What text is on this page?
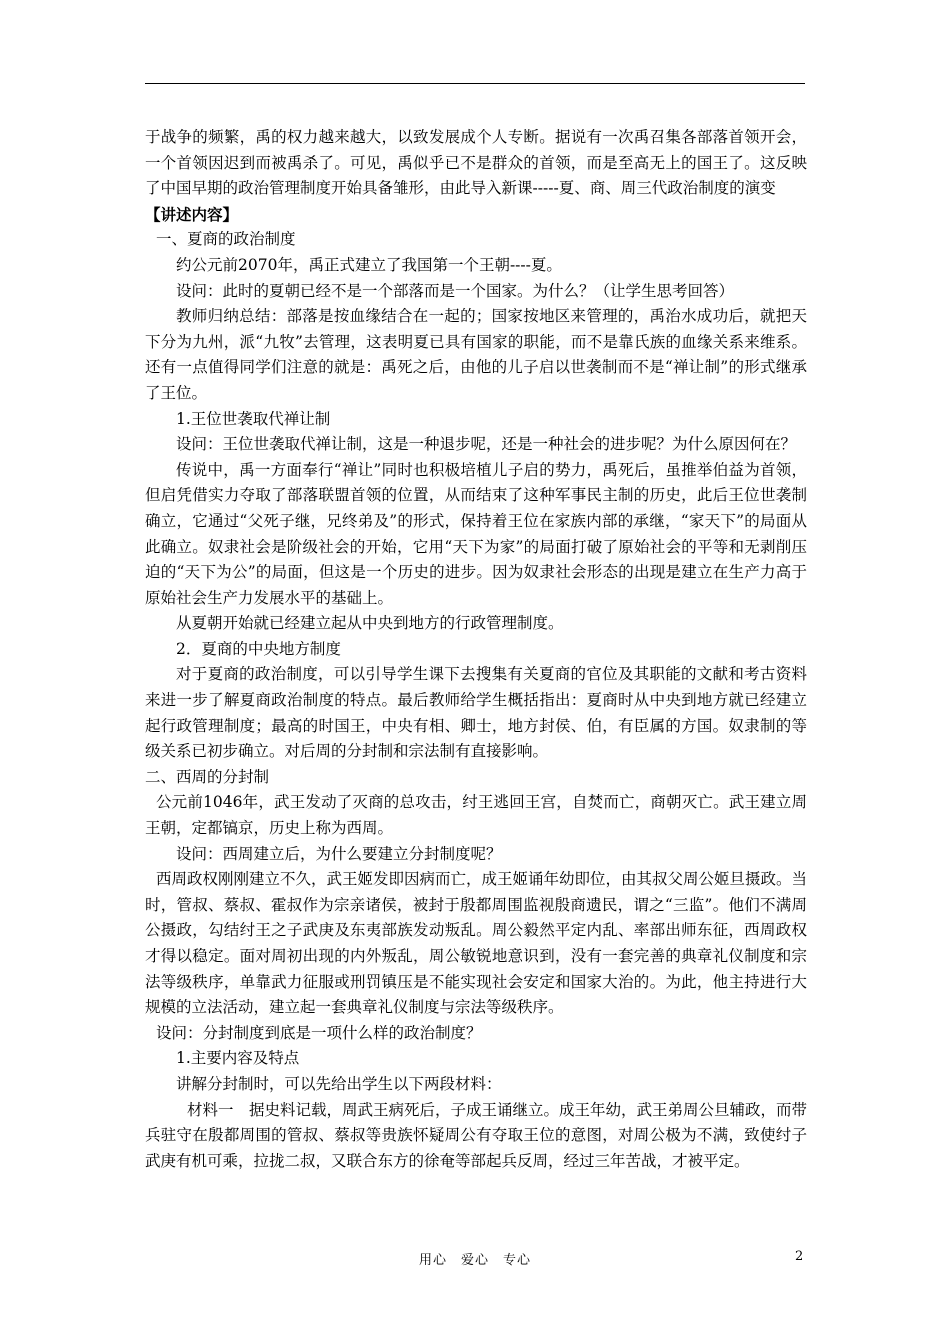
于战争的频繁，禹的权力越来越大，以致发展成个人专断。据说有一次禹召集各部落首领开会，一个首领因迟到而被禹杀了。可见，禹似乎已不是群众的首领，而是至高无上的国王了。这反映了中国早期的政治管理制度开始具备雏形，由此导入新课-----夏、商、周三代政治制度的演变

【讲述内容】

一、夏商的政治制度

约公元前2070年，禹正式建立了我国第一个王朝----夏。

设问：此时的夏朝已经不是一个部落而是一个国家。为什么？（让学生思考回答）

教师归纳总结：部落是按血缘结合在一起的；国家按地区来管理的，禹治水成功后，就把天下分为九州，派“九牧”去管理，这表明夏已具有国家的职能，而不是靠氏族的血缘关系来维系。还有一点值得同学们注意的就是：禹死之后，由他的儿子启以世袭制而不是“禅让制”的形式继承了王位。

1.王位世袭取代禅让制

设问：王位世袭取代禅让制，这是一种退步呢，还是一种社会的进步呢？为什么原因何在？

传说中，禹一方面奉行“禅让”同时也积极培植儿子启的势力，禹死后，虽推举伯益为首领，但启凭借实力夺取了部落联盟首领的位置，从而结束了这种军事民主制的历史，此后王位世袭制确立，它通过“父死子继，兄终弟及”的形式，保持着王位在家族内部的承继，“家天下”的局面从此确立。奴隶社会是阶级社会的开始，它用“天下为家”的局面打破了原始社会的平等和无剥削压迫的“天下为公”的局面，但这是一个历史的进步。因为奴隶社会形态的出现是建立在生产力高于原始社会生产力发展水平的基础上。

从夏朝开始就已经建立起从中央到地方的行政管理制度。

2．夏商的中央地方制度

对于夏商的政治制度，可以引导学生课下去搜集有关夏商的官位及其职能的文献和考古资料来进一步了解夏商政治制度的特点。最后教师给学生概括指出：夏商时从中央到地方就已经建立起行政管理制度；最高的时国王，中央有相、卿士，地方封侯、伯，有臣属的方国。奴隶制的等级关系已初步确立。对后周的分封制和宗法制有直接影响。

二、西周的分封制

公元前1046年，武王发动了灭商的总攻击，纣王逃回王宫，自焚而亡，商朝灭亡。武王建立周王朝，定都镐京，历史上称为西周。

设问：西周建立后，为什么要建立分封制度呢？

西周政权刚刚建立不久，武王姬发即因病而亡，成王姬诵年幼即位，由其叔父周公姬旦摄政。当时，管叔、蔡叔、霍叔作为宗亲诸侯，被封于殷都周围监视殷商遗民，谓之“三监”。他们不满周公摄政，勾结纣王之子武庚及东夷部族发动叛乱。周公毅然平定内乱、率部出师东征，西周政权才得以稳定。面对周初出现的内外叛乱，周公敏锐地意识到，没有一套完善的典章礼仪制度和宗法等级秩序，单靠武力征服或刑罚镇压是不能实现社会安定和国家大治的。为此，他主持进行大规模的立法活动，建立起一套典章礼仪制度与宗法等级秩序。

设问：分封制度到底是一项什么样的政治制度？

1.主要内容及特点

讲解分封制时，可以先给出学生以下两段材料：

材料一　据史料记载，周武王病死后，子成王诵继立。成王年幼，武王弟周公旦辅政，而带兵驻守在殷都周围的管叔、蔡叔等贵族怀疑周公有夺取王位的意图，对周公极为不满，致使纣子武庚有机可乘，拉拢二叔，又联合东方的徐奄等部起兵反周，经过三年苦战，才被平定。

用心　爱心　专心	2
